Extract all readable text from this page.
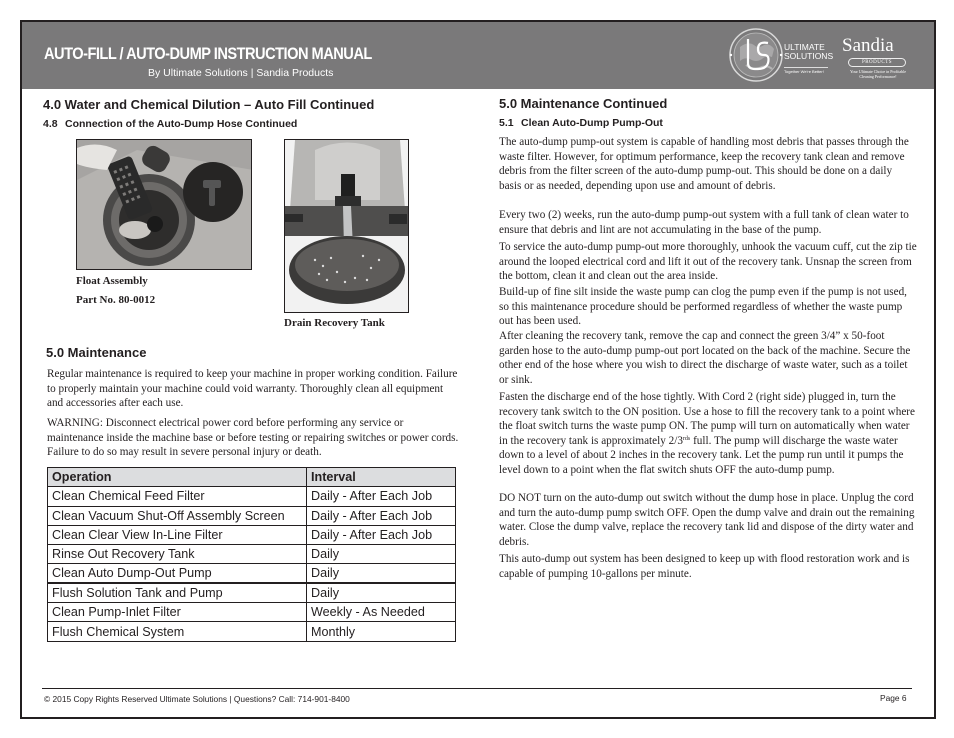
AUTO-FILL / AUTO-DUMP INSTRUCTION MANUAL
By Ultimate Solutions | Sandia Products
ULTIMATE
SOLUTIONS
Together We're Better!
Sandia
PRODUCTS
Your Ultimate Choice in Profitable Cleaning Performance!
4.0 Water and Chemical Dilution – Auto Fill Continued
4.8 Connection of the Auto-Dump Hose Continued
Float Assembly
Part No. 80-0012
Drain Recovery Tank
5.0 Maintenance
Regular maintenance is required to keep your machine in proper working condition. Failure to properly maintain your machine could void warranty. Thoroughly clean all equipment and accessories after each use.
WARNING: Disconnect electrical power cord before performing any service or maintenance inside the machine base or before testing or repairing switches or power cords. Failure to do so may result in severe personal injury or death.
Operation	Interval
Clean Chemical Feed Filter	Daily - After Each Job
Clean Vacuum Shut-Off Assembly Screen	Daily - After Each Job
Clean Clear View In-Line Filter	Daily - After Each Job
Rinse Out Recovery Tank	Daily
Clean Auto Dump-Out Pump	Daily
Flush Solution Tank and Pump	Daily
Clean Pump-Inlet Filter	Weekly - As Needed
Flush Chemical System	Monthly
5.0 Maintenance Continued
5.1 Clean Auto-Dump Pump-Out
The auto-dump pump-out system is capable of handling most debris that passes through the waste filter. However, for optimum performance, keep the recovery tank clean and remove debris from the filter screen of the auto-dump pump-out. This should be done on a daily basis or as needed, depending upon use and amount of debris.
Every two (2) weeks, run the auto-dump pump-out system with a full tank of clean water to ensure that debris and lint are not accumulating in the base of the pump.
To service the auto-dump pump-out more thoroughly, unhook the vacuum cuff, cut the zip tie around the looped electrical cord and lift it out of the recovery tank. Unsnap the screen from the bottom, clean it and clean out the area inside.
Build-up of fine silt inside the waste pump can clog the pump even if the pump is not used, so this maintenance procedure should be performed regardless of whether the waste pump out has been used.
After cleaning the recovery tank, remove the cap and connect the green 3/4” x 50-foot garden hose to the auto-dump pump-out port located on the back of the machine. Secure the other end of the hose where you wish to direct the discharge of waste water, such as a toilet or sink.
Fasten the discharge end of the hose tightly. With Cord 2 (right side) plugged in, turn the recovery tank switch to the ON position. Use a hose to fill the recovery tank to a point where the float switch turns the waste pump ON. The pump will turn on automatically when water in the recovery tank is approximately $2/3^{rds}$ full. The pump will discharge the waste water down to a level of about 2 inches in the recovery tank. Let the pump run until it pumps the level down to a point when the flat switch shuts OFF the auto-dump pump.
DO NOT turn on the auto-dump out switch without the dump hose in place. Unplug the cord and turn the auto-dump pump switch OFF. Open the dump valve and drain out the remaining water. Close the dump valve, replace the recovery tank lid and dispose of the dirty water and debris.
This auto-dump out system has been designed to keep up with flood restoration work and is capable of pumping 10-gallons per minute.
© 2015 Copy Rights Reserved Ultimate Solutions | Questions? Call: 714-901-8400	Page 6
